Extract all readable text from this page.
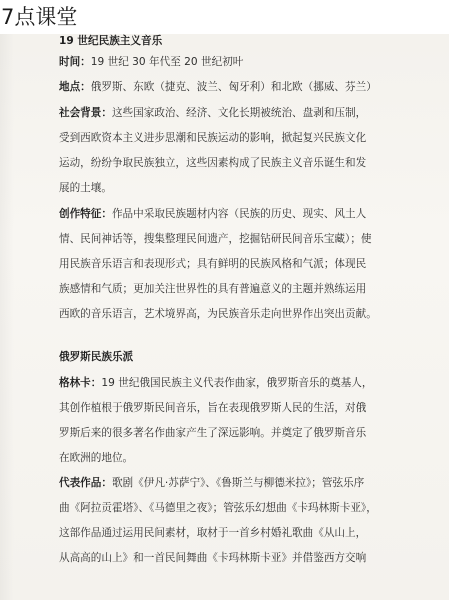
7点课堂
19 世纪民族主义音乐
时间：19 世纪 30 年代至 20 世纪初叶
地点：俄罗斯、东欧（捷克、波兰、匈牙利）和北欧（挪威、芬兰）
社会背景：这些国家政治、经济、文化长期被统治、盘剥和压制，
受到西欧资本主义进步思潮和民族运动的影响，掀起复兴民族文化
运动，纷纷争取民族独立，这些因素构成了民族主义音乐诞生和发
展的土壤。
创作特征：作品中采取民族题材内容（民族的历史、现实、风土人
情、民间神话等，搜集整理民间遗产，挖掘钻研民间音乐宝藏）；使
用民族音乐语言和表现形式；具有鲜明的民族风格和气派；体现民
族感情和气质；更加关注世界性的具有普遍意义的主题并熟练运用
西欧的音乐语言，艺术境界高，为民族音乐走向世界作出突出贡献。
俄罗斯民族乐派
格林卡：19 世纪俄国民族主义代表作曲家，俄罗斯音乐的奠基人，
其创作植根于俄罗斯民间音乐，旨在表现俄罗斯人民的生活，对俄
罗斯后来的很多著名作曲家产生了深远影响。并奠定了俄罗斯音乐
在欧洲的地位。
代表作品：歌剧《伊凡·苏萨宁》、《鲁斯兰与柳德米拉》；管弦乐序
曲《阿拉贡霍塔》、《马德里之夜》；管弦乐幻想曲《卡玛林斯卡亚》，
这部作品通过运用民间素材，取材于一首乡村婚礼歌曲《从山上，
从高高的山上》和一首民间舞曲《卡玛林斯卡亚》并借鉴西方交响
